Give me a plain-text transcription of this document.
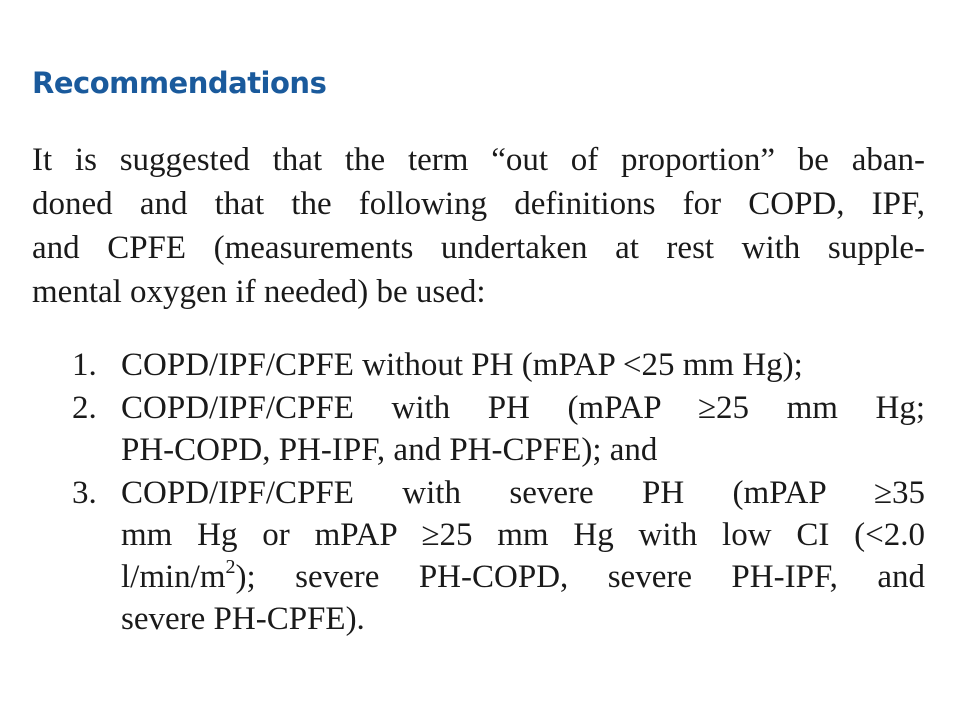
Recommendations

It is suggested that the term “out of proportion” be aban-
doned and that the following definitions for COPD, IPF,
and CPFE (measurements undertaken at rest with supple-
mental oxygen if needed) be used:

1. COPD/IPF/CPFE without PH (mPAP <25 mm Hg);
2. COPD/IPF/CPFE with PH (mPAP ≥25 mm Hg;
PH-COPD, PH-IPF, and PH-CPFE); and
3. COPD/IPF/CPFE with severe PH (mPAP ≥35
mm Hg or mPAP ≥25 mm Hg with low CI (<2.0
$l/\min/m^2$); severe PH-COPD, severe PH-IPF, and
severe PH-CPFE).
